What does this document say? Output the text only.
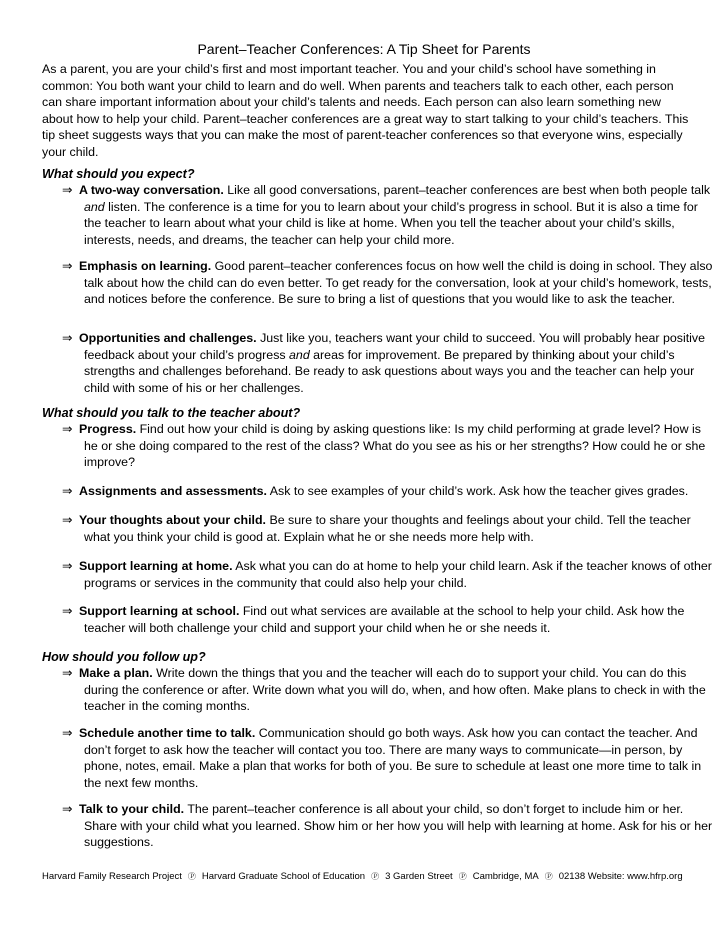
Parent–Teacher Conferences: A Tip Sheet for Parents
As a parent, you are your child’s first and most important teacher. You and your child’s school have something in common: You both want your child to learn and do well. When parents and teachers talk to each other, each person can share important information about your child’s talents and needs. Each person can also learn something new about how to help your child. Parent–teacher conferences are a great way to start talking to your child’s teachers. This tip sheet suggests ways that you can make the most of parent-teacher conferences so that everyone wins, especially your child.
What should you expect?
⇒ A two-way conversation. Like all good conversations, parent–teacher conferences are best when both people talk and listen. The conference is a time for you to learn about your child’s progress in school. But it is also a time for the teacher to learn about what your child is like at home. When you tell the teacher about your child’s skills, interests, needs, and dreams, the teacher can help your child more.
⇒ Emphasis on learning. Good parent–teacher conferences focus on how well the child is doing in school. They also talk about how the child can do even better. To get ready for the conversation, look at your child’s homework, tests, and notices before the conference. Be sure to bring a list of questions that you would like to ask the teacher.
⇒ Opportunities and challenges. Just like you, teachers want your child to succeed. You will probably hear positive feedback about your child’s progress and areas for improvement. Be prepared by thinking about your child’s strengths and challenges beforehand. Be ready to ask questions about ways you and the teacher can help your child with some of his or her challenges.
What should you talk to the teacher about?
⇒ Progress. Find out how your child is doing by asking questions like: Is my child performing at grade level? How is he or she doing compared to the rest of the class? What do you see as his or her strengths? How could he or she improve?
⇒ Assignments and assessments. Ask to see examples of your child’s work. Ask how the teacher gives grades.
⇒ Your thoughts about your child. Be sure to share your thoughts and feelings about your child. Tell the teacher what you think your child is good at. Explain what he or she needs more help with.
⇒ Support learning at home. Ask what you can do at home to help your child learn. Ask if the teacher knows of other programs or services in the community that could also help your child.
⇒ Support learning at school. Find out what services are available at the school to help your child. Ask how the teacher will both challenge your child and support your child when he or she needs it.
How should you follow up?
⇒ Make a plan. Write down the things that you and the teacher will each do to support your child. You can do this during the conference or after. Write down what you will do, when, and how often. Make plans to check in with the teacher in the coming months.
⇒ Schedule another time to talk. Communication should go both ways. Ask how you can contact the teacher. And don’t forget to ask how the teacher will contact you too. There are many ways to communicate—in person, by phone, notes, email. Make a plan that works for both of you. Be sure to schedule at least one more time to talk in the next few months.
⇒ Talk to your child. The parent–teacher conference is all about your child, so don’t forget to include him or her. Share with your child what you learned. Show him or her how you will help with learning at home. Ask for his or her suggestions.
Harvard Family Research Project Ⓟ Harvard Graduate School of Education Ⓟ 3 Garden Street Ⓟ Cambridge, MA Ⓟ 02138 Website: www.hfrp.org
